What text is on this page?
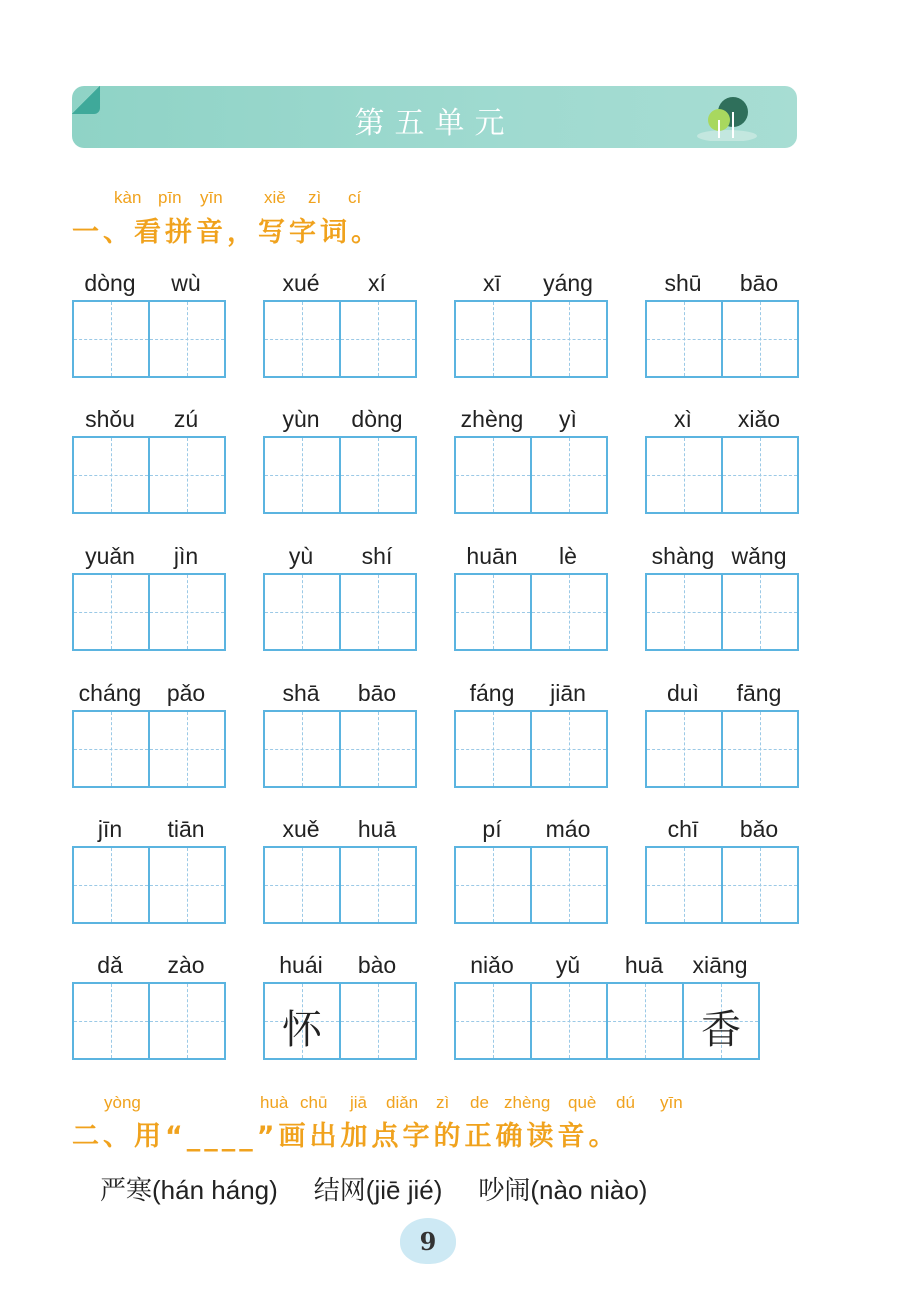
第五单元
kàn pīn yīn xiě zì cí
一、看拼音，写字词。
dòng	wù	xué	xí	xī	yáng	shū	bāo
shǒu	zú	yùn	dòng	zhèng	yì	xì	xiǎo
yuǎn	jìn	yù	shí	huān	lè	shàng wǎng
cháng	pǎo	shā	bāo	fáng	jiān	duì	fāng
jīn	tiān	xuě	huā	pí	máo	chī	bǎo
dǎ	zào	huái	bào
怀
niǎo	yǔ	huā	xiāng
香
yòng	huà chū jiā diǎn zì de zhèng què dú yīn
二、用“____”画出加点字的正确读音。
严寒(hán háng) 结网(jiē jié) 吵闹(nào niào)
9
